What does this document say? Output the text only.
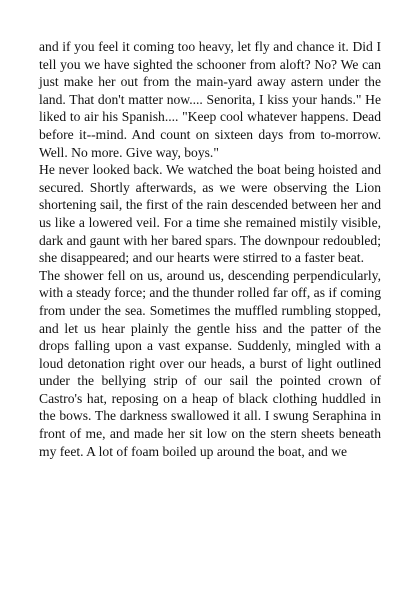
and if you feel it coming too heavy, let fly and chance it. Did I tell you we have sighted the schooner from aloft? No? We can just make her out from the main-yard away astern under the land. That don't matter now.... Senorita, I kiss your hands." He liked to air his Spanish.... "Keep cool whatever happens. Dead before it--mind. And count on sixteen days from to-morrow. Well. No more. Give way, boys."

He never looked back. We watched the boat being hoisted and secured. Shortly afterwards, as we were observing the Lion shortening sail, the first of the rain descended between her and us like a lowered veil. For a time she remained mistily visible, dark and gaunt with her bared spars. The downpour redoubled; she disappeared; and our hearts were stirred to a faster beat.

The shower fell on us, around us, descending perpendicularly, with a steady force; and the thunder rolled far off, as if coming from under the sea. Sometimes the muffled rumbling stopped, and let us hear plainly the gentle hiss and the patter of the drops falling upon a vast expanse. Suddenly, mingled with a loud detonation right over our heads, a burst of light outlined under the bellying strip of our sail the pointed crown of Castro's hat, reposing on a heap of black clothing huddled in the bows. The darkness swallowed it all. I swung Seraphina in front of me, and made her sit low on the stern sheets beneath my feet. A lot of foam boiled up around the boat, and we
